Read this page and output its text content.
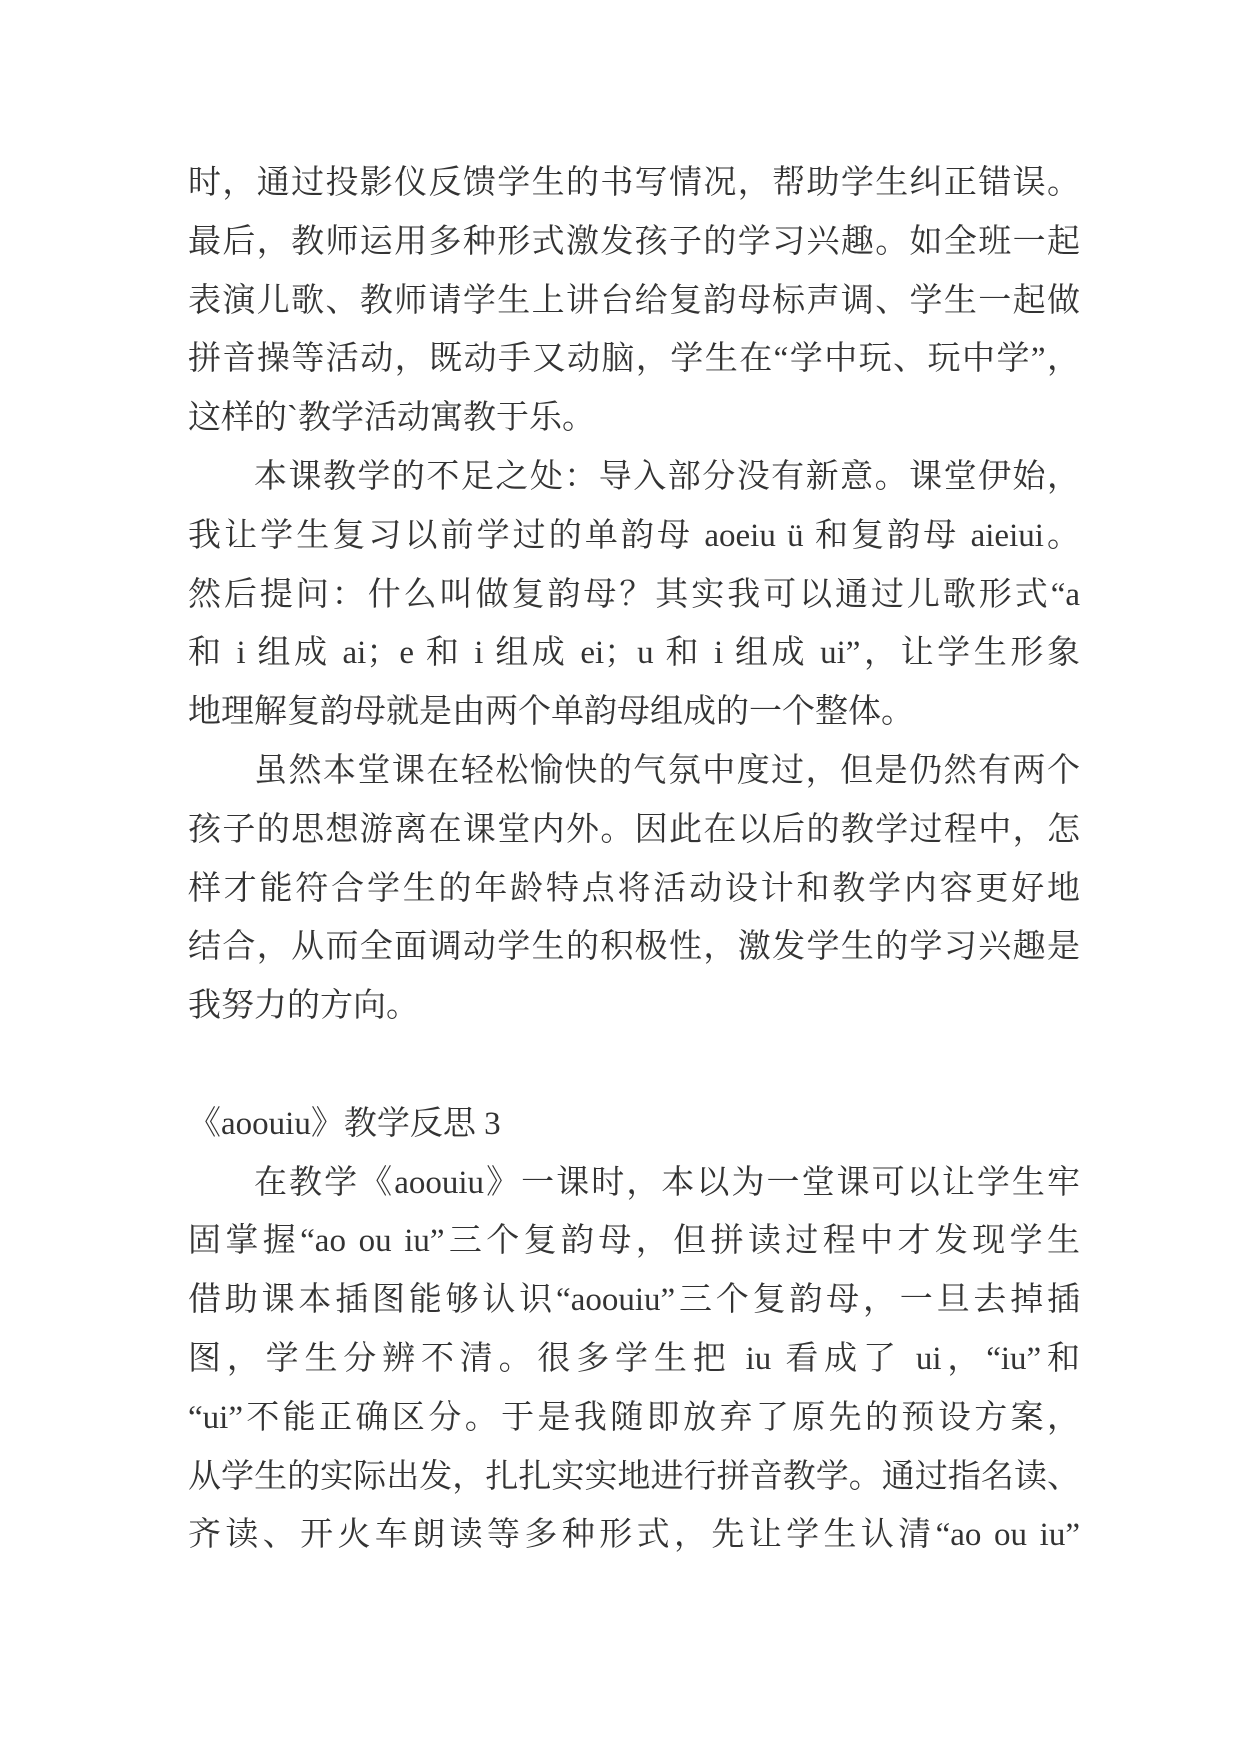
时，通过投影仪反馈学生的书写情况，帮助学生纠正错误。
最后，教师运用多种形式激发孩子的学习兴趣。如全班一起
表演儿歌、教师请学生上讲台给复韵母标声调、学生一起做
拼音操等活动，既动手又动脑，学生在“学中玩、玩中学”，
这样的`教学活动寓教于乐。
本课教学的不足之处：导入部分没有新意。课堂伊始，
我让学生复习以前学过的单韵母 aoeiu ü 和复韵母 aieiui。
然后提问：什么叫做复韵母？其实我可以通过儿歌形式“a
和 i 组成 ai；e 和 i 组成 ei；u 和 i 组成 ui”，让学生形象
地理解复韵母就是由两个单韵母组成的一个整体。
虽然本堂课在轻松愉快的气氛中度过，但是仍然有两个
孩子的思想游离在课堂内外。因此在以后的教学过程中，怎
样才能符合学生的年龄特点将活动设计和教学内容更好地
结合，从而全面调动学生的积极性，激发学生的学习兴趣是
我努力的方向。
《aoouiu》教学反思 3
在教学《aoouiu》一课时，本以为一堂课可以让学生牢
固掌握“ao ou iu”三个复韵母，但拼读过程中才发现学生
借助课本插图能够认识“aoouiu”三个复韵母，一旦去掉插
图，学生分辨不清。很多学生把 iu 看成了 ui，“iu”和
“ui”不能正确区分。于是我随即放弃了原先的预设方案，
从学生的实际出发，扎扎实实地进行拼音教学。通过指名读、
齐读、开火车朗读等多种形式，先让学生认清“ao ou iu”
